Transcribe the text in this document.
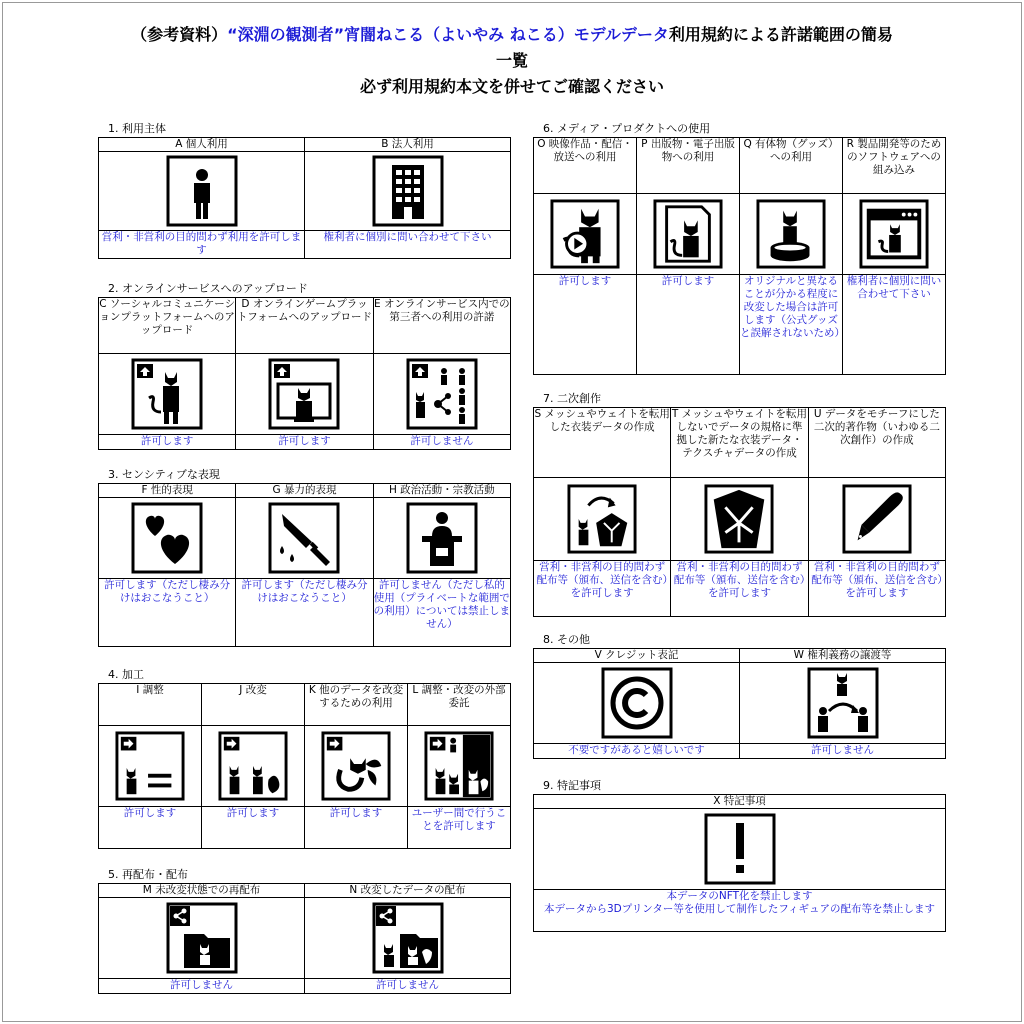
（参考資料）“深淵の観測者”宵闇ねこる（よいやみ ねこる）モデルデータ利用規約による許諾範囲の簡易
一覧
必ず利用規約本文を併せてご確認ください
1. 利用主体
A 個人利用	B 法人利用

営利・非営利の目的問わず利用を許可します	権利者に個別に問い合わせて下さい
2. オンラインサービスへのアップロード
C ソーシャルコミュニケーションプラットフォームへのアップロード	D オンラインゲームプラットフォームへのアップロード	E オンラインサービス内での第三者への利用の許諾

許可します	許可します	許可しません
3. センシティブな表現
F 性的表現	G 暴力的表現	H 政治活動・宗教活動

許可します（ただし棲み分けはおこなうこと）	許可します（ただし棲み分けはおこなうこと）	許可しません（ただし私的使用（プライベートな範囲での利用）については禁止しません）
4. 加工
I 調整	J 改変	K 他のデータを改変するための利用	L 調整・改変の外部委託

許可します	許可します	許可します	ユーザー間で行うことを許可します
5. 再配布・配布
M 未改変状態での再配布	N 改変したデータの配布

許可しません	許可しません
6. メディア・プロダクトへの使用
O 映像作品・配信・放送への利用	P 出版物・電子出版物への利用	Q 有体物（グッズ）への利用	R 製品開発等のためのソフトウェアへの組み込み

許可します	許可します	オリジナルと異なることが分かる程度に改変した場合は許可します（公式グッズと誤解されないため）	権利者に個別に問い合わせて下さい
7. 二次創作
S メッシュやウェイトを転用した衣装データの作成	T メッシュやウェイトを転用しないでデータの規格に準拠した新たな衣装データ・テクスチャデータの作成	U データをモチーフにした二次的著作物（いわゆる二次創作）の作成

営利・非営利の目的問わず配布等（頒布、送信を含む）を許可します	営利・非営利の目的問わず配布等（頒布、送信を含む）を許可します	営利・非営利の目的問わず配布等（頒布、送信を含む）を許可します
8. その他
V クレジット表記	W 権利義務の譲渡等

不要ですがあると嬉しいです	許可しません
9. 特記事項
X 特記事項

本データのNFT化を禁止します
本データから3Dプリンター等を使用して制作したフィギュアの配布等を禁止します
